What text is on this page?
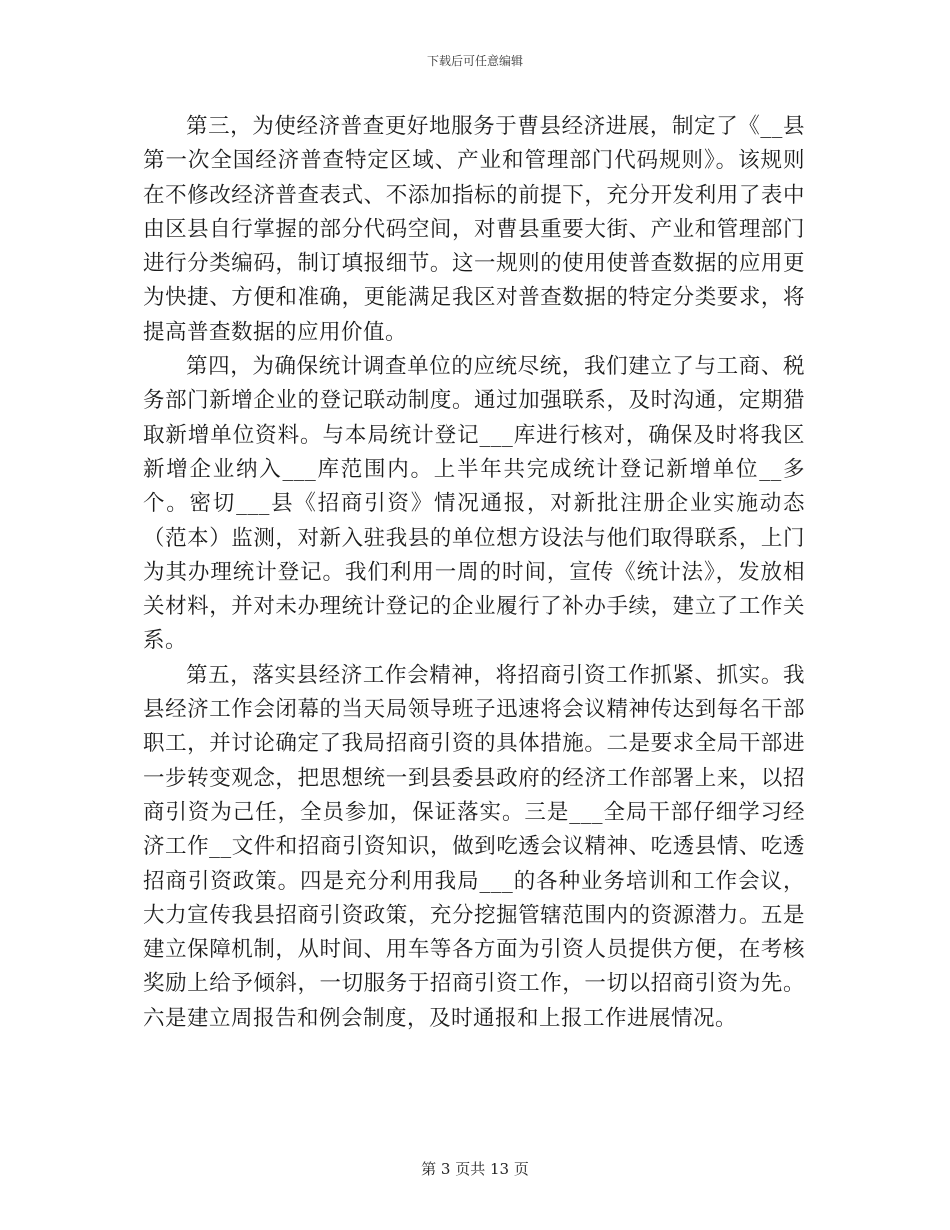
下载后可任意编辑

第三，为使经济普查更好地服务于曹县经济进展，制定了《__县第一次全国经济普查特定区域、产业和管理部门代码规则》。该规则在不修改经济普查表式、不添加指标的前提下，充分开发利用了表中由区县自行掌握的部分代码空间，对曹县重要大街、产业和管理部门进行分类编码，制订填报细节。这一规则的使用使普查数据的应用更为快捷、方便和准确，更能满足我区对普查数据的特定分类要求，将提高普查数据的应用价值。

第四，为确保统计调查单位的应统尽统，我们建立了与工商、税务部门新增企业的登记联动制度。通过加强联系，及时沟通，定期猎取新增单位资料。与本局统计登记___库进行核对，确保及时将我区新增企业纳入___库范围内。上半年共完成统计登记新增单位__多个。密切___县《招商引资》情况通报，对新批注册企业实施动态（范本）监测，对新入驻我县的单位想方设法与他们取得联系，上门为其办理统计登记。我们利用一周的时间，宣传《统计法》，发放相关材料，并对未办理统计登记的企业履行了补办手续，建立了工作关系。

第五，落实县经济工作会精神，将招商引资工作抓紧、抓实。我县经济工作会闭幕的当天局领导班子迅速将会议精神传达到每名干部职工，并讨论确定了我局招商引资的具体措施。二是要求全局干部进一步转变观念，把思想统一到县委县政府的经济工作部署上来，以招商引资为己任，全员参加，保证落实。三是___全局干部仔细学习经济工作__文件和招商引资知识，做到吃透会议精神、吃透县情、吃透招商引资政策。四是充分利用我局___的各种业务培训和工作会议，大力宣传我县招商引资政策，充分挖掘管辖范围内的资源潜力。五是建立保障机制，从时间、用车等各方面为引资人员提供方便，在考核奖励上给予倾斜，一切服务于招商引资工作，一切以招商引资为先。六是建立周报告和例会制度，及时通报和上报工作进展情况。

第 3 页共 13 页
